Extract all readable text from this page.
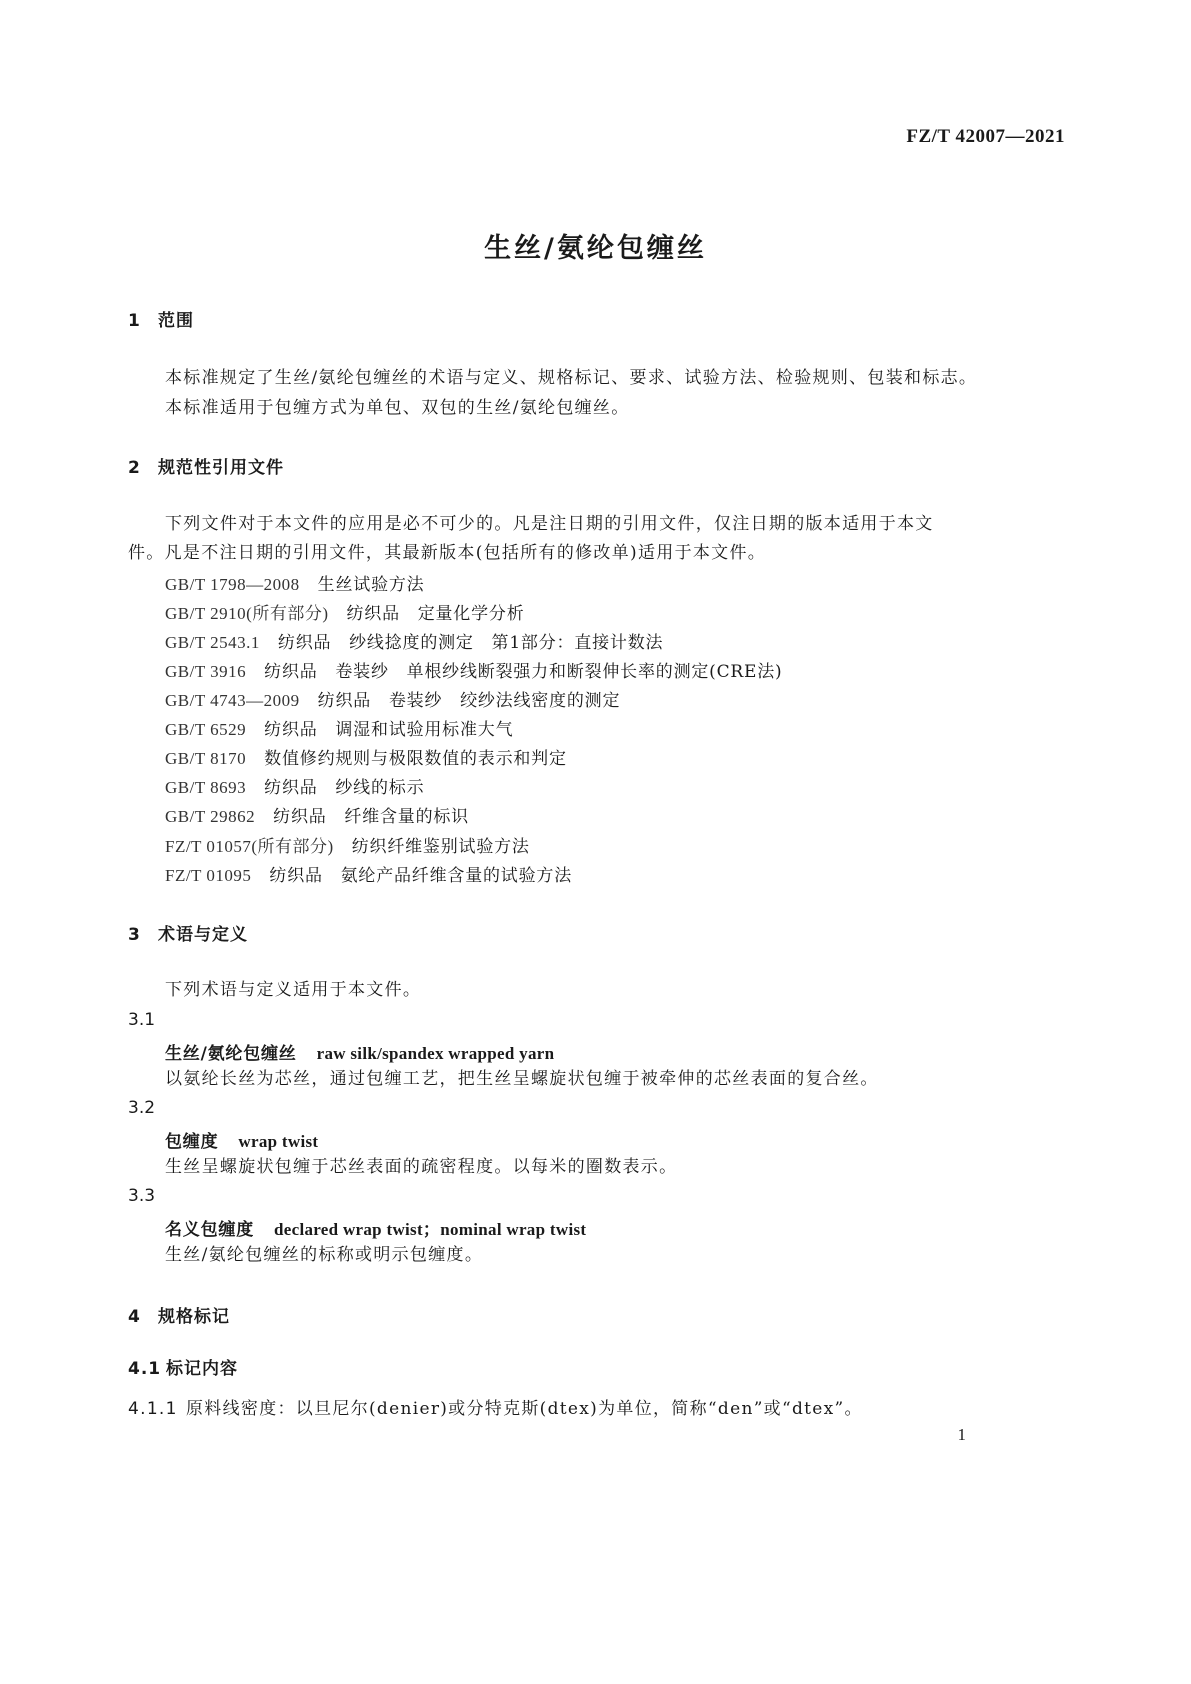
FZ/T 42007—2021
生丝/氨纶包缠丝
1 范围
本标准规定了生丝/氨纶包缠丝的术语与定义、规格标记、要求、试验方法、检验规则、包装和标志。
本标准适用于包缠方式为单包、双包的生丝/氨纶包缠丝。
2 规范性引用文件
下列文件对于本文件的应用是必不可少的。凡是注日期的引用文件，仅注日期的版本适用于本文
件。凡是不注日期的引用文件，其最新版本(包括所有的修改单)适用于本文件。
GB/T 1798—2008 生丝试验方法
GB/T 2910(所有部分) 纺织品　定量化学分析
GB/T 2543.1 纺织品　纱线捻度的测定　第1部分：直接计数法
GB/T 3916 纺织品　卷装纱　单根纱线断裂强力和断裂伸长率的测定(CRE法)
GB/T 4743—2009 纺织品　卷装纱　绞纱法线密度的测定
GB/T 6529 纺织品　调湿和试验用标准大气
GB/T 8170 数值修约规则与极限数值的表示和判定
GB/T 8693 纺织品　纱线的标示
GB/T 29862 纺织品　纤维含量的标识
FZ/T 01057(所有部分) 纺织纤维鉴别试验方法
FZ/T 01095 纺织品　氨纶产品纤维含量的试验方法
3 术语与定义
下列术语与定义适用于本文件。
3.1
生丝/氨纶包缠丝 raw silk/spandex wrapped yarn
以氨纶长丝为芯丝，通过包缠工艺，把生丝呈螺旋状包缠于被牵伸的芯丝表面的复合丝。
3.2
包缠度 wrap twist
生丝呈螺旋状包缠于芯丝表面的疏密程度。以每米的圈数表示。
3.3
名义包缠度 declared wrap twist；nominal wrap twist
生丝/氨纶包缠丝的标称或明示包缠度。
4 规格标记
4.1 标记内容
4.1.1 原料线密度：以旦尼尔(denier)或分特克斯(dtex)为单位，简称“den”或“dtex”。
1
